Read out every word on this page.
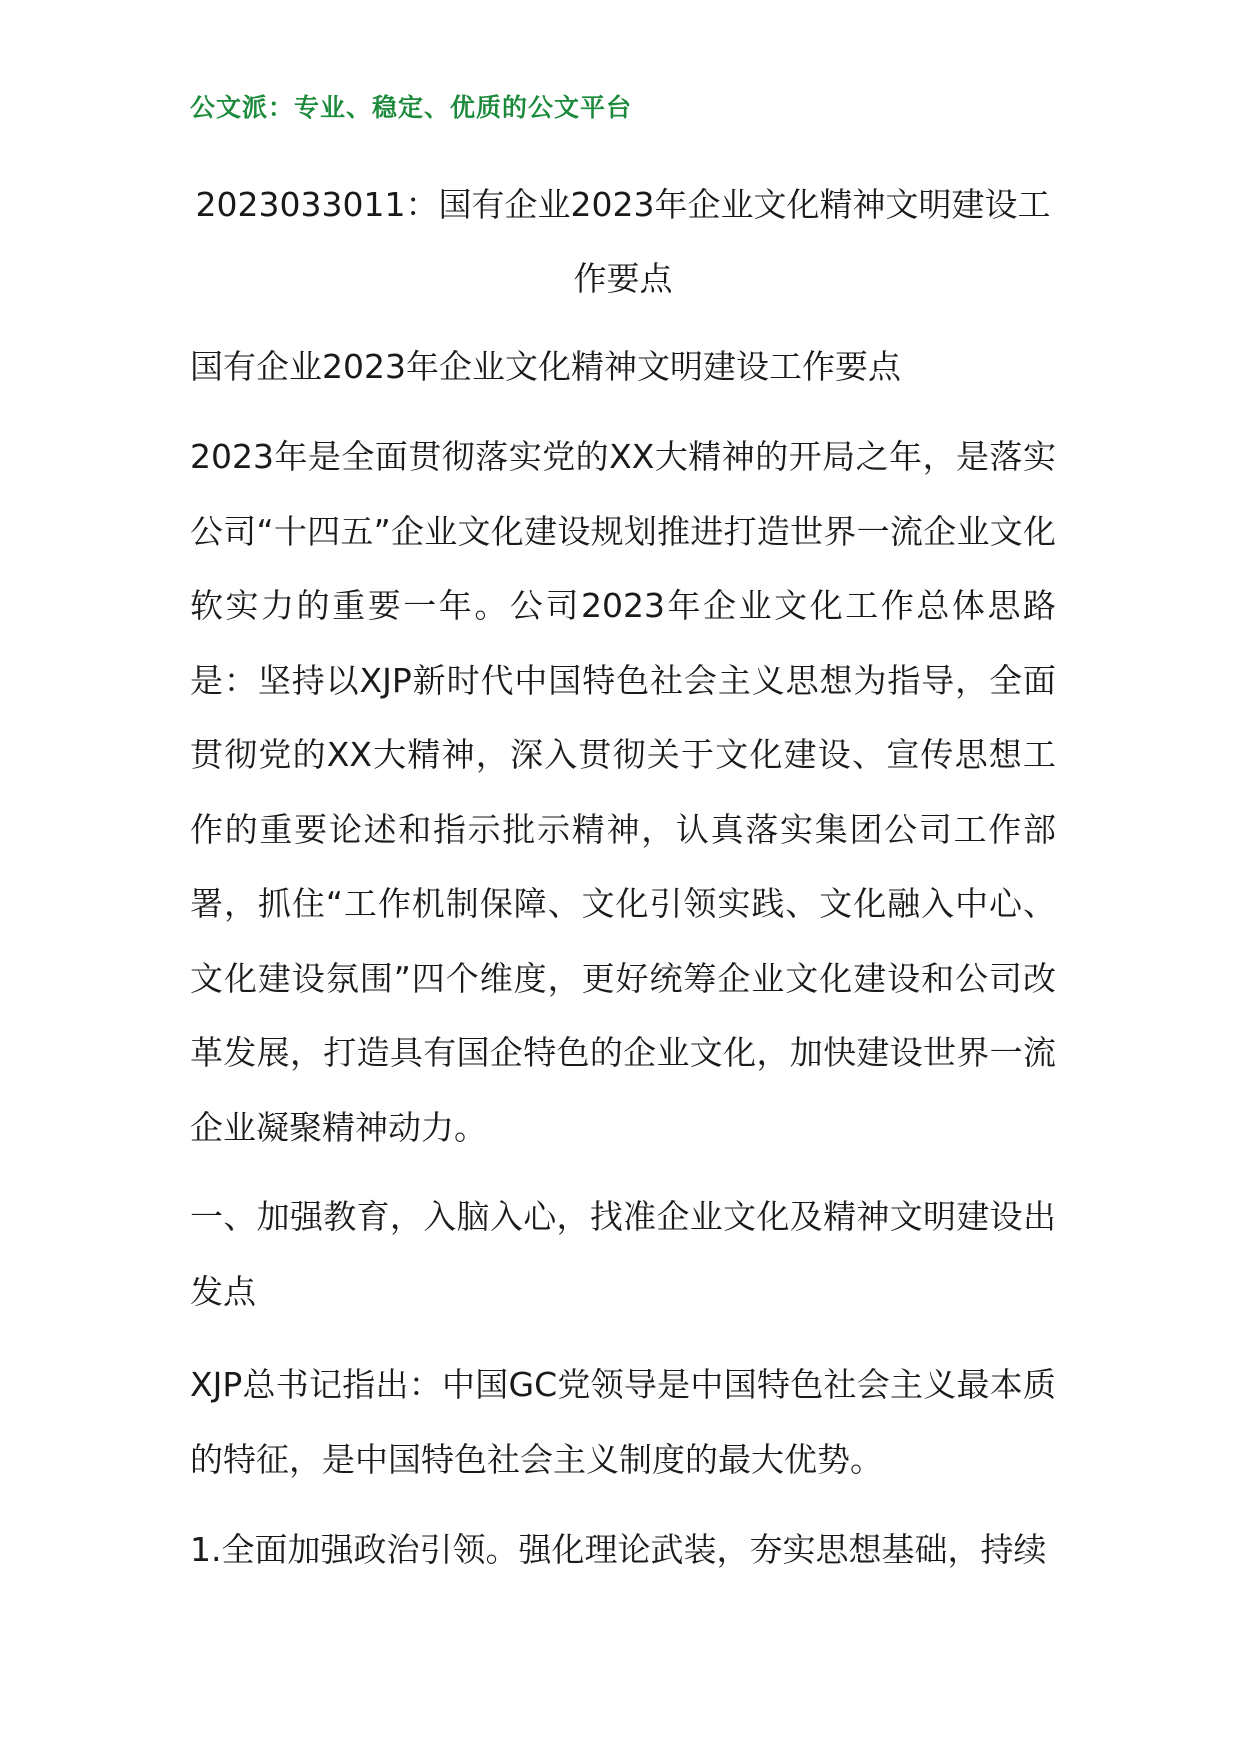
公文派：专业、稳定、优质的公文平台
2023033011：国有企业2023年企业文化精神文明建设工作要点

国有企业2023年企业文化精神文明建设工作要点

2023年是全面贯彻落实党的XX大精神的开局之年，是落实公司“十四五”企业文化建设规划推进打造世界一流企业文化软实力的重要一年。公司2023年企业文化工作总体思路是：坚持以XJP新时代中国特色社会主义思想为指导，全面贯彻党的XX大精神，深入贯彻关于文化建设、宣传思想工作的重要论述和指示批示精神，认真落实集团公司工作部署，抓住“工作机制保障、文化引领实践、文化融入中心、文化建设氛围”四个维度，更好统筹企业文化建设和公司改革发展，打造具有国企特色的企业文化，加快建设世界一流企业凝聚精神动力。

一、加强教育，入脑入心，找准企业文化及精神文明建设出发点

XJP总书记指出：中国GC党领导是中国特色社会主义最本质的特征，是中国特色社会主义制度的最大优势。

1.全面加强政治引领。强化理论武装，夯实思想基础，持续
